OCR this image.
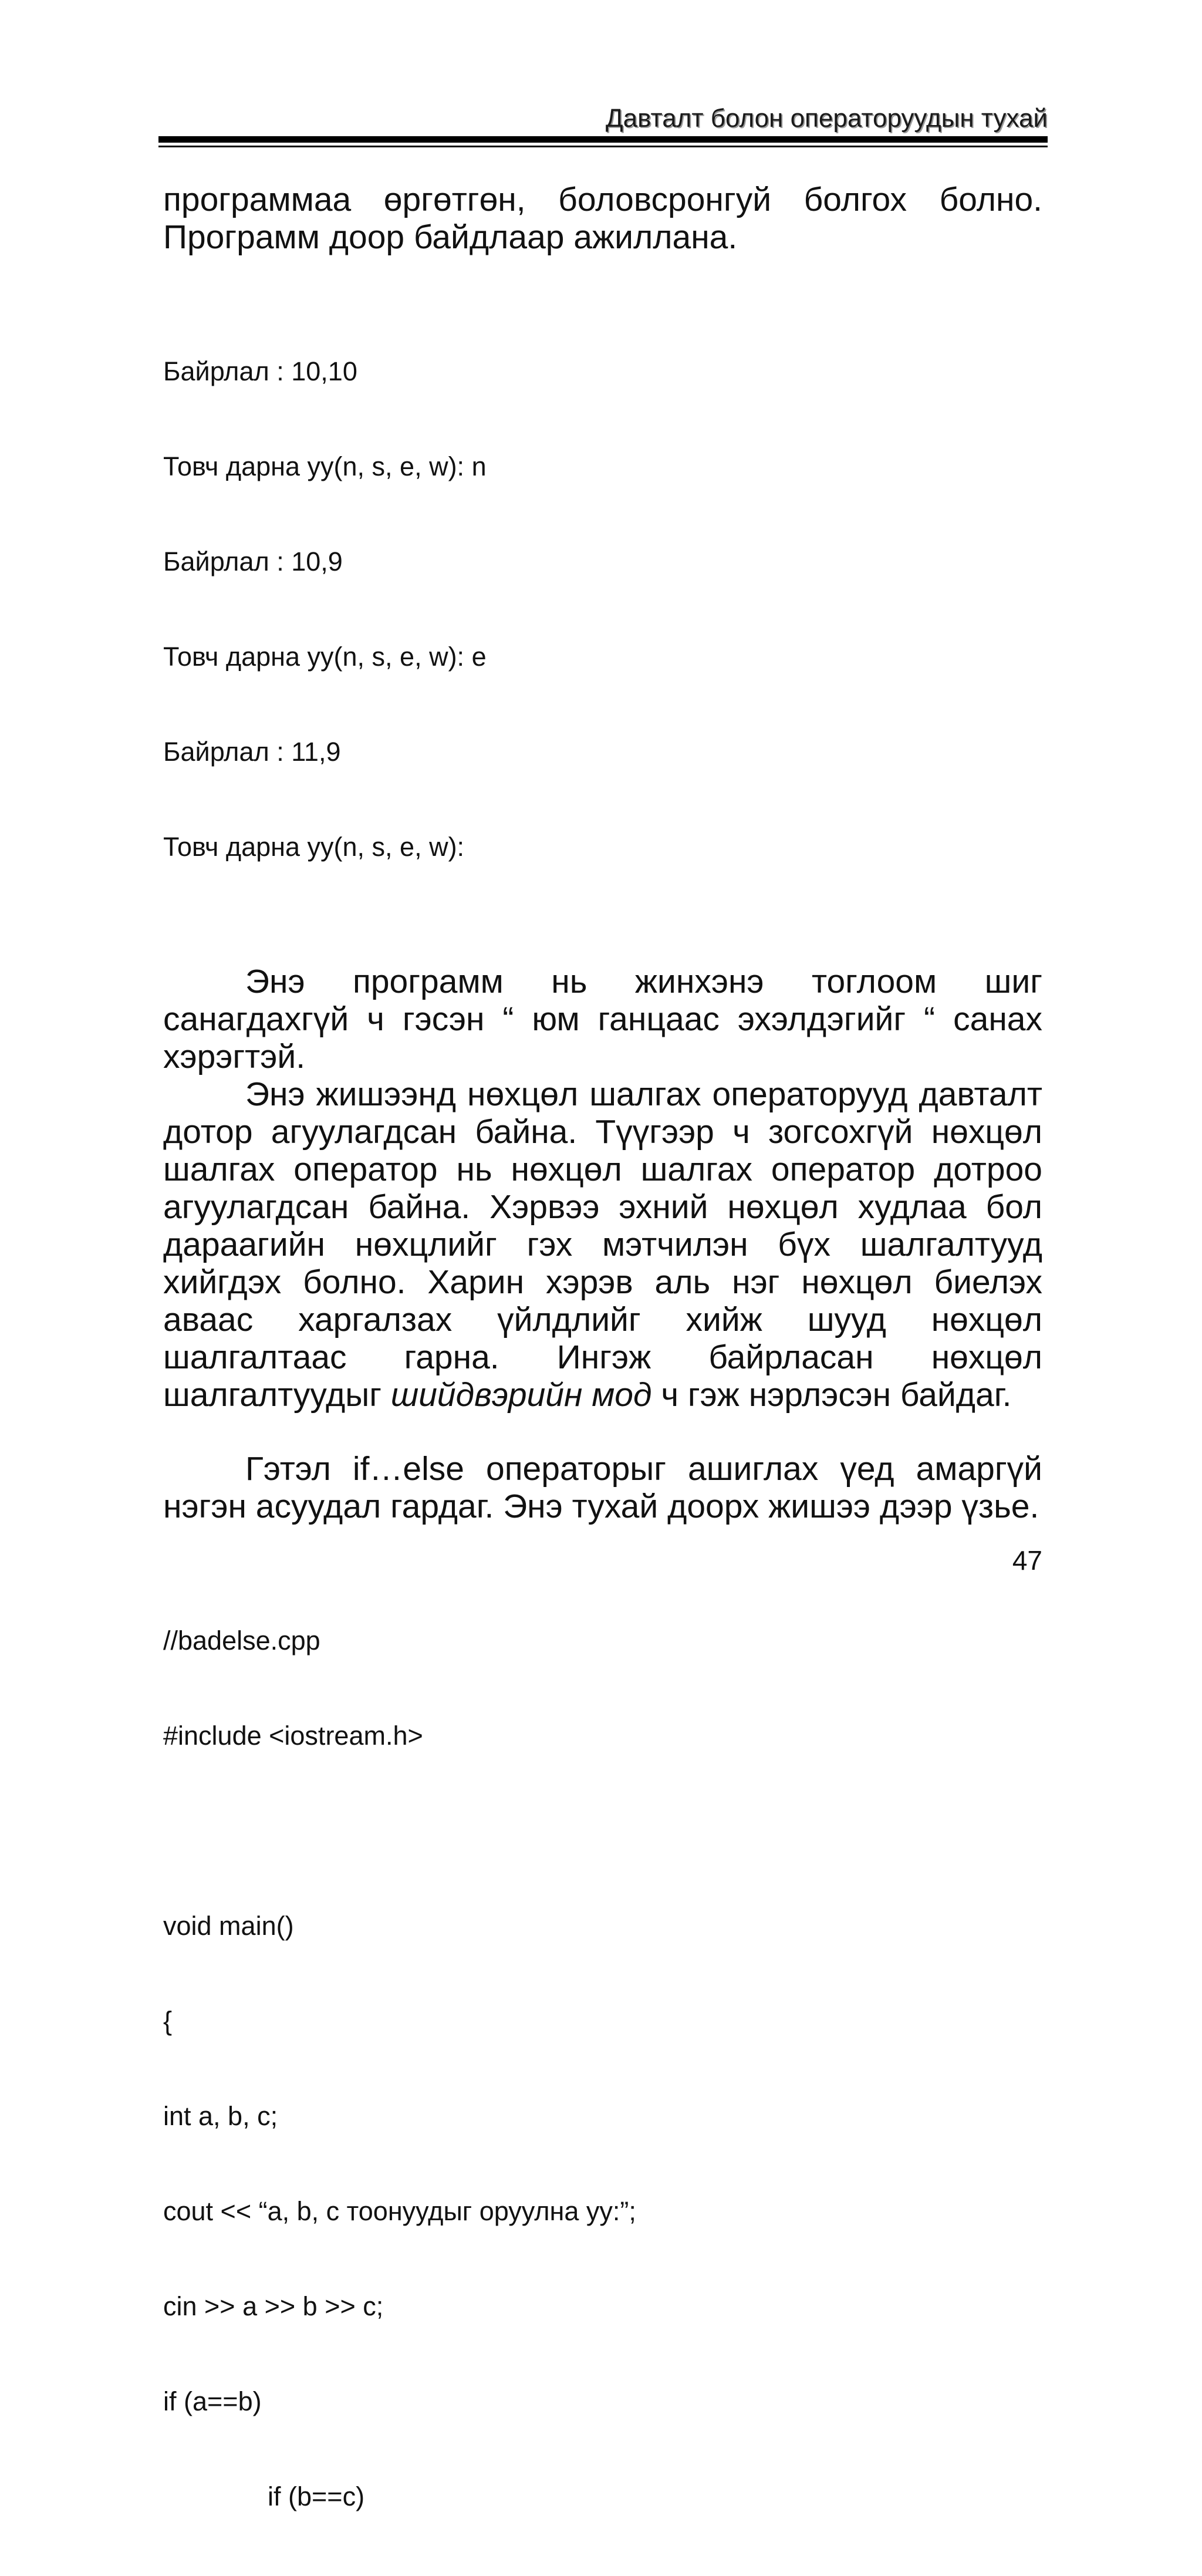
Давталт болон операторуудын тухай

программаа өргөтгөн, боловсронгуй болгох болно. Программ доор байдлаар ажиллана.

Байрлал : 10,10

Товч дарна уу(n, s, e, w): n

Байрлал : 10,9

Товч дарна уу(n, s, e, w): e

Байрлал : 11,9

Товч дарна уу(n, s, e, w):

Энэ программ нь жинхэнэ тоглоом шиг санагдахгүй ч гэсэн “ юм ганцаас эхэлдэгийг “ санах хэрэгтэй.

Энэ жишээнд нөхцөл шалгах операторууд давталт дотор агуулагдсан байна. Түүгээр ч зогсохгүй нөхцөл шалгах оператор нь нөхцөл шалгах оператор дотроо агуулагдсан байна. Хэрвээ эхний нөхцөл худлаа бол дараагийн нөхцлийг гэх мэтчилэн бүх шалгалтууд хийгдэх болно. Харин хэрэв аль нэг нөхцөл биелэх аваас харгалзах үйлдлийг хийж шууд нөхцөл шалгалтаас гарна. Ингэж байрласан нөхцөл шалгалтуудыг шийдвэрийн мод ч гэж нэрлэсэн байдаг.

Гэтэл if…else операторыг ашиглах үед амаргүй нэгэн асуудал гардаг. Энэ тухай доорх жишээ дээр үзье.

//badelse.cpp

#include <iostream.h>

void main()

{

int a, b, c;

cout << “a, b, c тоонуудыг оруулна уу:”;

cin >> a >> b >> c;

if (a==b)

if (b==c)

47
